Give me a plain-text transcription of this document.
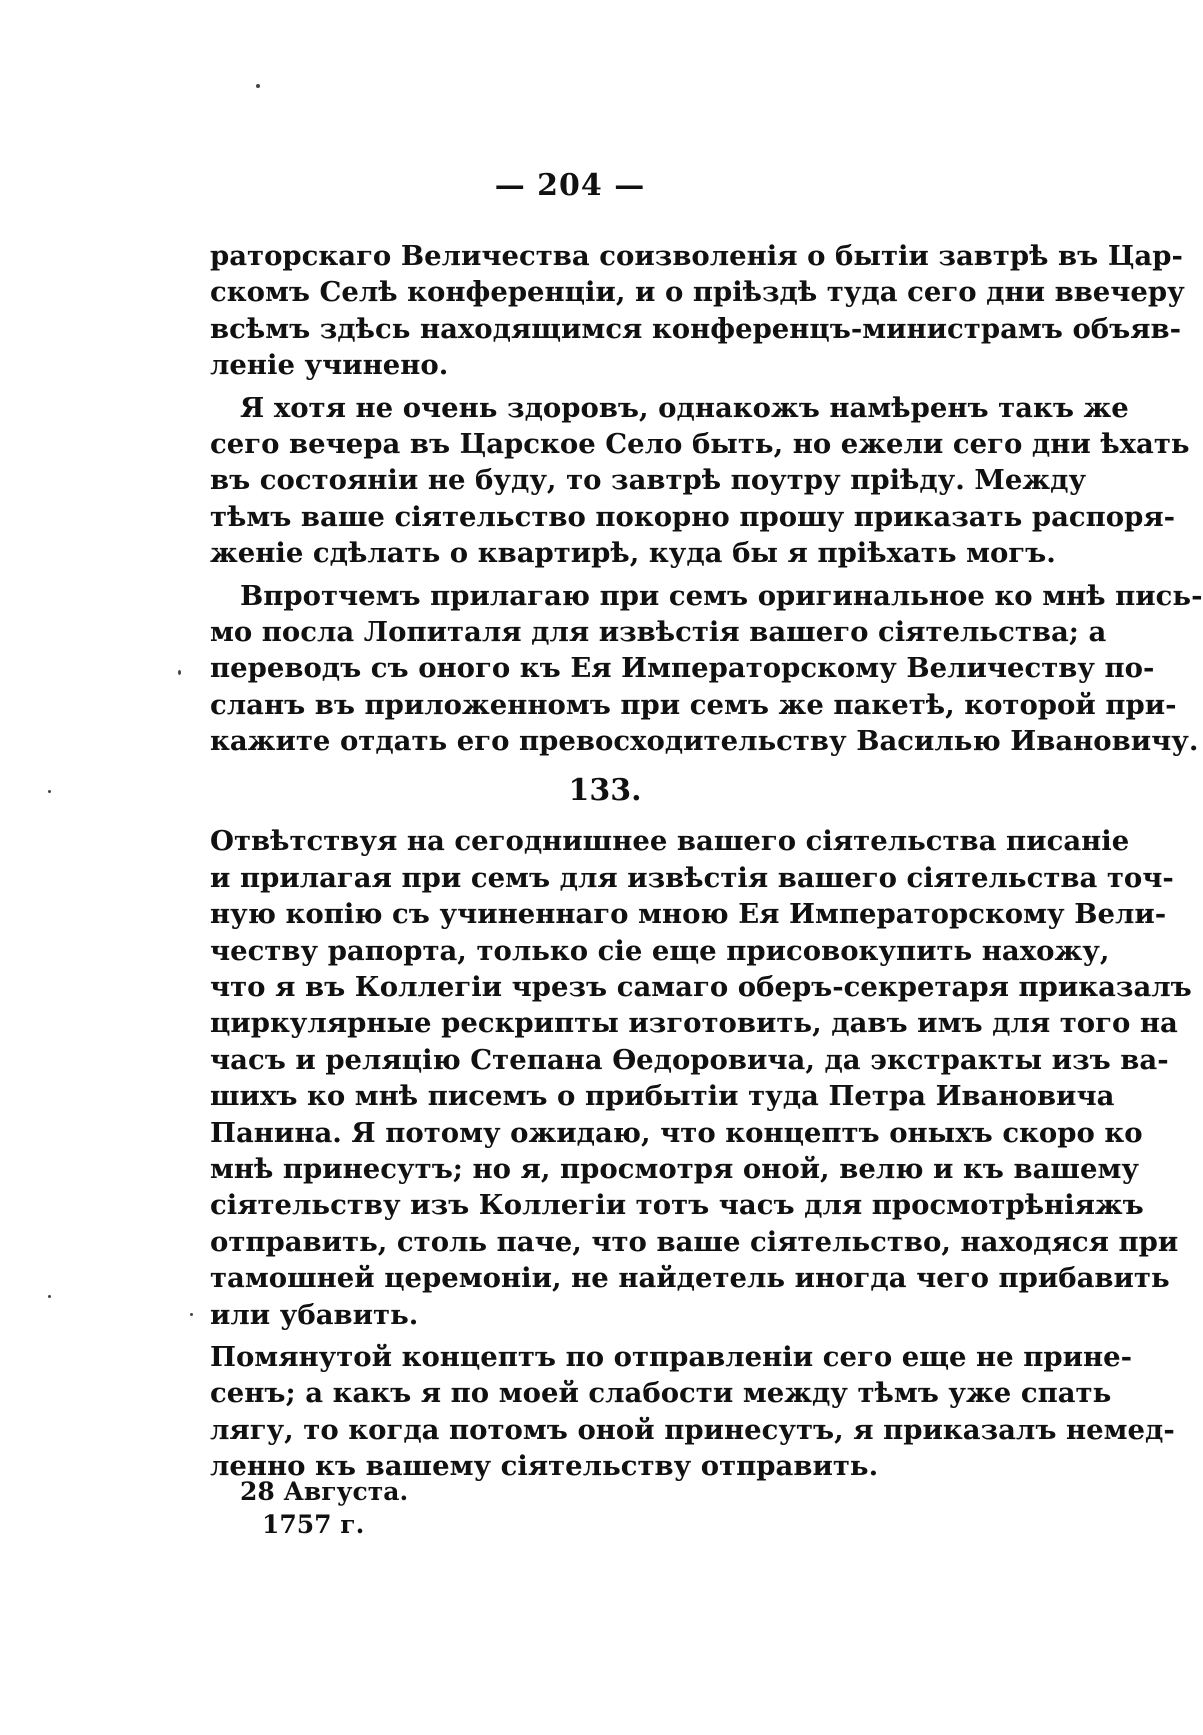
— 204 —
раторскаго Величества соизволенія о бытіи завтрѣ въ Цар-
скомъ Селѣ конференціи, и о пріѣздѣ туда сего дни ввечеру
всѣмъ здѣсь находящимся конференцъ-министрамъ объяв-
леніе учинено.
Я хотя не очень здоровъ, однакожъ намѣренъ такъ же
сего вечера въ Царское Село быть, но ежели сего дни ѣхать
въ состояніи не буду, то завтрѣ поутру пріѣду. Между
тѣмъ ваше сіятельство покорно прошу приказать распоря-
женіе сдѣлать о квартирѣ, куда бы я пріѣхать могъ.
Впротчемъ прилагаю при семъ оригинальное ко мнѣ пись-
мо посла Лопиталя для извѣстія вашего сіятельства; а
переводъ съ оного къ Ея Императорскому Величеству по-
сланъ въ приложенномъ при семъ же пакетѣ, которой при-
кажите отдать его превосходительству Василью Ивановичу.
133.
Отвѣтствуя на сегоднишнее вашего сіятельства писаніе
и прилагая при семъ для извѣстія вашего сіятельства точ-
ную копію съ учиненнаго мною Ея Императорскому Вели-
честву рапорта, только сіе еще присовокупить нахожу,
что я въ Коллегіи чрезъ самаго оберъ-секретаря приказалъ
циркулярные рескрипты изготовить, давъ имъ для того на
часъ и реляцію Степана Өедоровича, да экстракты изъ ва-
шихъ ко мнѣ писемъ о прибытіи туда Петра Ивановича
Панина. Я потому ожидаю, что концептъ оныхъ скоро ко
мнѣ принесутъ; но я, просмотря оной, велю и къ вашему
сіятельству изъ Коллегіи тотъ часъ для просмотрѣніяжъ
отправить, столь паче, что ваше сіятельство, находяся при
тамошней церемоніи, не найдетель иногда чего прибавить
или убавить.
Помянутой концептъ по отправленіи сего еще не прине-
сенъ; а какъ я по моей слабости между тѣмъ уже спать
лягу, то когда потомъ оной принесутъ, я приказалъ немед-
ленно къ вашему сіятельству отправить.
28 Августа.
1757 г.
